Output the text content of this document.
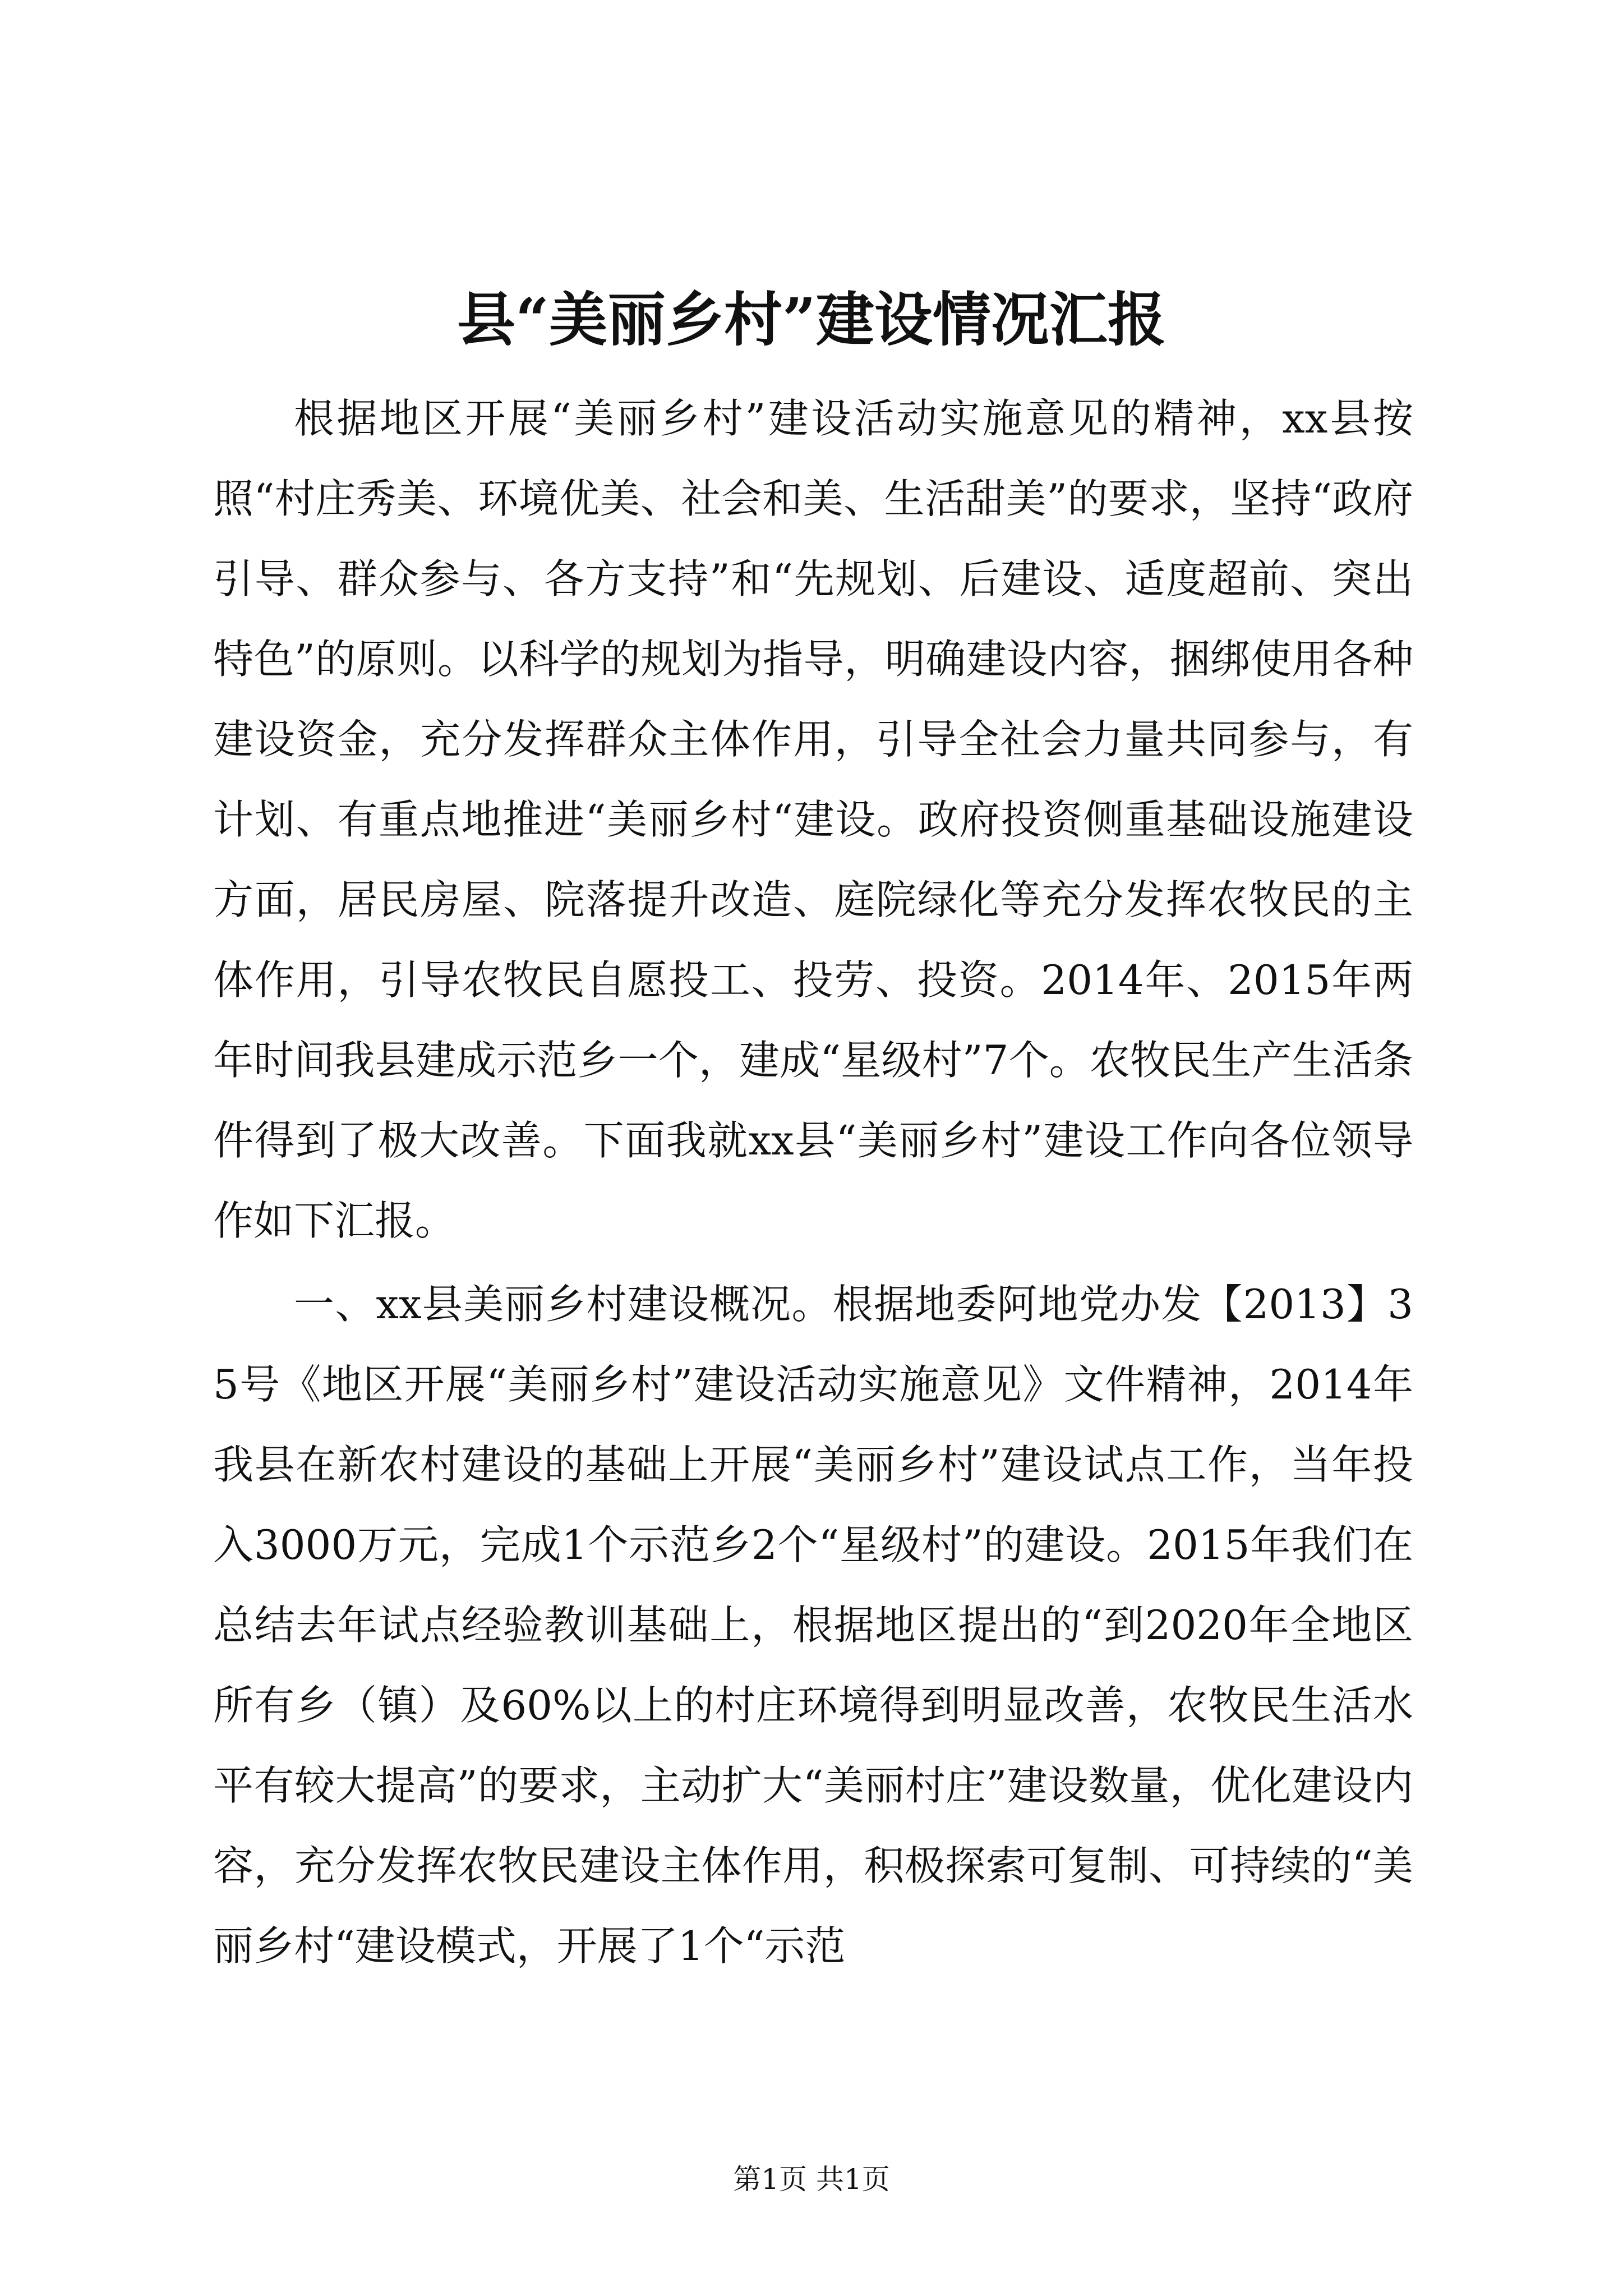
县“美丽乡村”建设情况汇报

根据地区开展“美丽乡村”建设活动实施意见的精神，xx县按照“村庄秀美、环境优美、社会和美、生活甜美”的要求，坚持“政府引导、群众参与、各方支持”和“先规划、后建设、适度超前、突出特色”的原则。以科学的规划为指导，明确建设内容，捆绑使用各种建设资金，充分发挥群众主体作用，引导全社会力量共同参与，有计划、有重点地推进“美丽乡村“建设。政府投资侧重基础设施建设方面，居民房屋、院落提升改造、庭院绿化等充分发挥农牧民的主体作用，引导农牧民自愿投工、投劳、投资。2014年、2015年两年时间我县建成示范乡一个，建成“星级村”7个。农牧民生产生活条件得到了极大改善。下面我就xx县“美丽乡村”建设工作向各位领导作如下汇报。

一、xx县美丽乡村建设概况。根据地委阿地党办发【2013】35号《地区开展“美丽乡村”建设活动实施意见》文件精神，2014年我县在新农村建设的基础上开展“美丽乡村”建设试点工作，当年投入3000万元，完成1个示范乡2个“星级村”的建设。2015年我们在总结去年试点经验教训基础上，根据地区提出的“到2020年全地区所有乡（镇）及60%以上的村庄环境得到明显改善，农牧民生活水平有较大提高”的要求，主动扩大“美丽村庄”建设数量，优化建设内容，充分发挥农牧民建设主体作用，积极探索可复制、可持续的“美丽乡村“建设模式，开展了1个“示范

第1页 共1页
